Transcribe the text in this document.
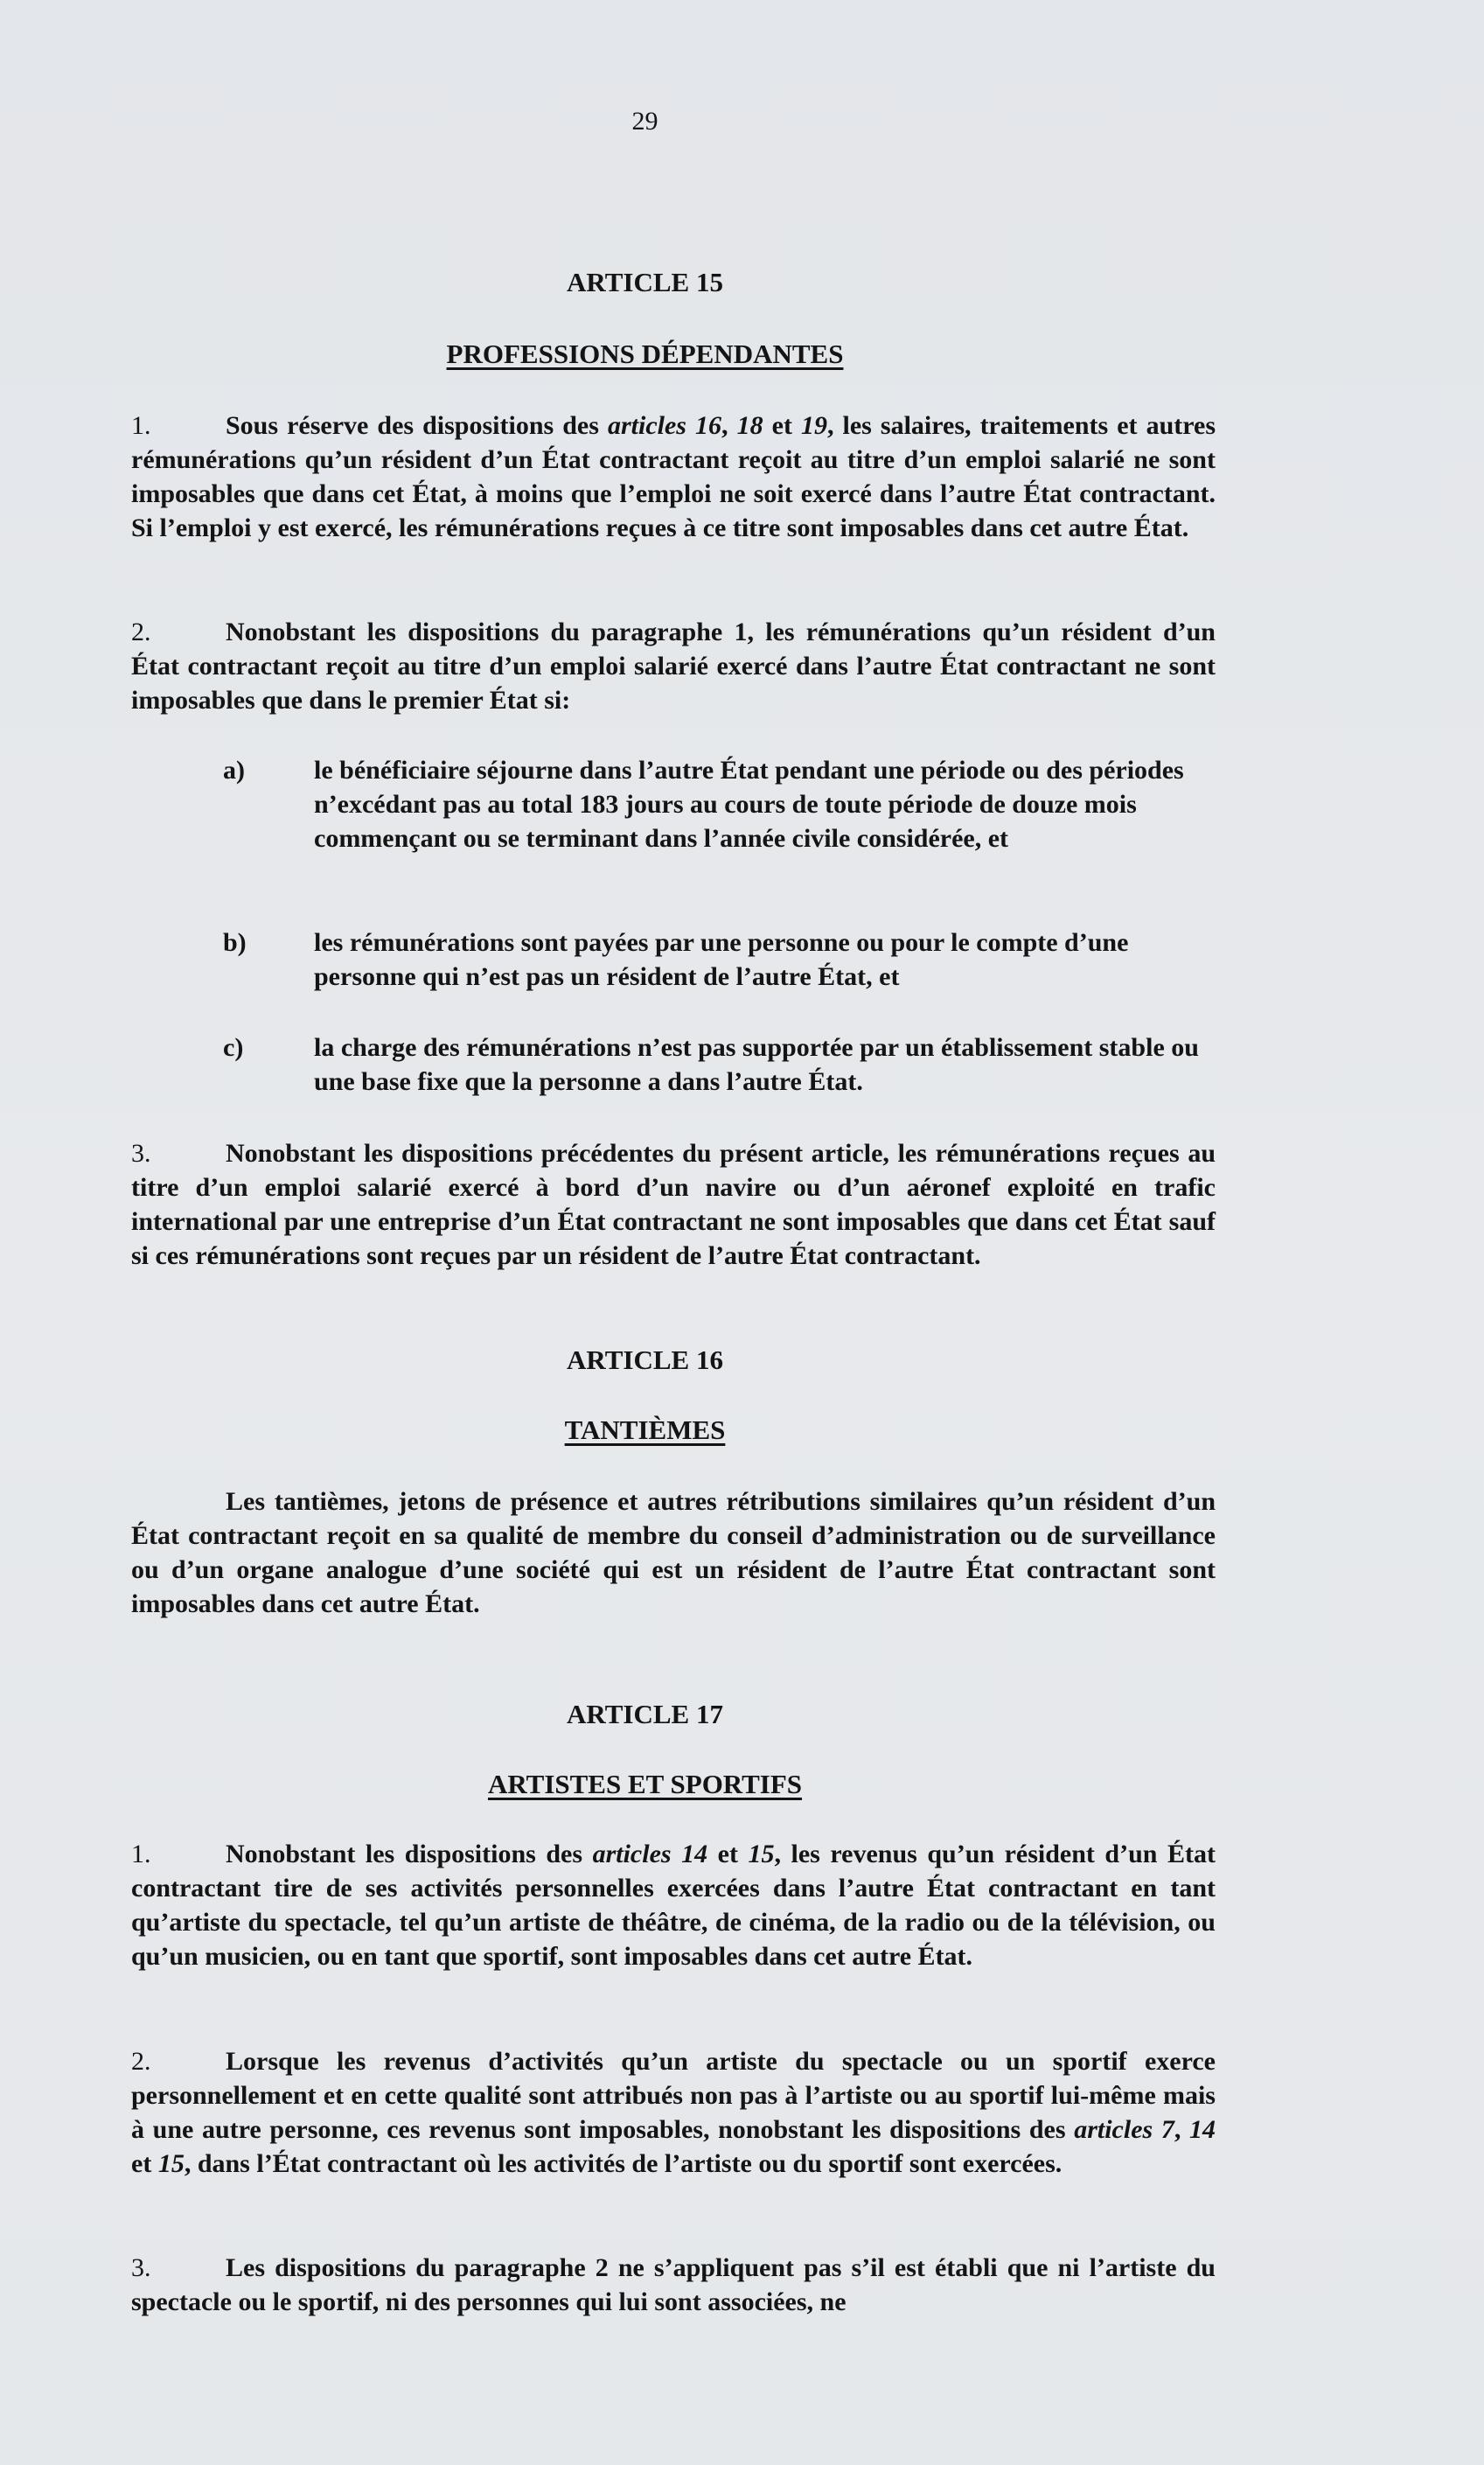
29
ARTICLE 15
PROFESSIONS DÉPENDANTES
1.	Sous réserve des dispositions des articles 16, 18 et 19, les salaires, traitements et autres rémunérations qu’un résident d’un État contractant reçoit au titre d’un emploi salarié ne sont imposables que dans cet État, à moins que l’emploi ne soit exercé dans l’autre État contractant. Si l’emploi y est exercé, les rémunérations reçues à ce titre sont imposables dans cet autre État.
2.	Nonobstant les dispositions du paragraphe 1, les rémunérations qu’un résident d’un État contractant reçoit au titre d’un emploi salarié exercé dans l’autre État contractant ne sont imposables que dans le premier État si:
a)	le bénéficiaire séjourne dans l’autre État pendant une période ou des périodes n’excédant pas au total 183 jours au cours de toute période de douze mois commençant ou se terminant dans l’année civile considérée, et
b)	les rémunérations sont payées par une personne ou pour le compte d’une personne qui n’est pas un résident de l’autre État, et
c)	la charge des rémunérations n’est pas supportée par un établissement stable ou une base fixe que la personne a dans l’autre État.
3.	Nonobstant les dispositions précédentes du présent article, les rémunérations reçues au titre d’un emploi salarié exercé à bord d’un navire ou d’un aéronef exploité en trafic international par une entreprise d’un État contractant ne sont imposables que dans cet État sauf si ces rémunérations sont reçues par un résident de l’autre État contractant.
ARTICLE 16
TANTIÈMES
Les tantièmes, jetons de présence et autres rétributions similaires qu’un résident d’un État contractant reçoit en sa qualité de membre du conseil d’administration ou de surveillance ou d’un organe analogue d’une société qui est un résident de l’autre État contractant sont imposables dans cet autre État.
ARTICLE 17
ARTISTES ET SPORTIFS
1.	Nonobstant les dispositions des articles 14 et 15, les revenus qu’un résident d’un État contractant tire de ses activités personnelles exercées dans l’autre État contractant en tant qu’artiste du spectacle, tel qu’un artiste de théâtre, de cinéma, de la radio ou de la télévision, ou qu’un musicien, ou en tant que sportif, sont imposables dans cet autre État.
2.	Lorsque les revenus d’activités qu’un artiste du spectacle ou un sportif exerce personnellement et en cette qualité sont attribués non pas à l’artiste ou au sportif lui-même mais à une autre personne, ces revenus sont imposables, nonobstant les dispositions des articles 7, 14 et 15, dans l’État contractant où les activités de l’artiste ou du sportif sont exercées.
3.	Les dispositions du paragraphe 2 ne s’appliquent pas s’il est établi que ni l’artiste du spectacle ou le sportif, ni des personnes qui lui sont associées, ne
